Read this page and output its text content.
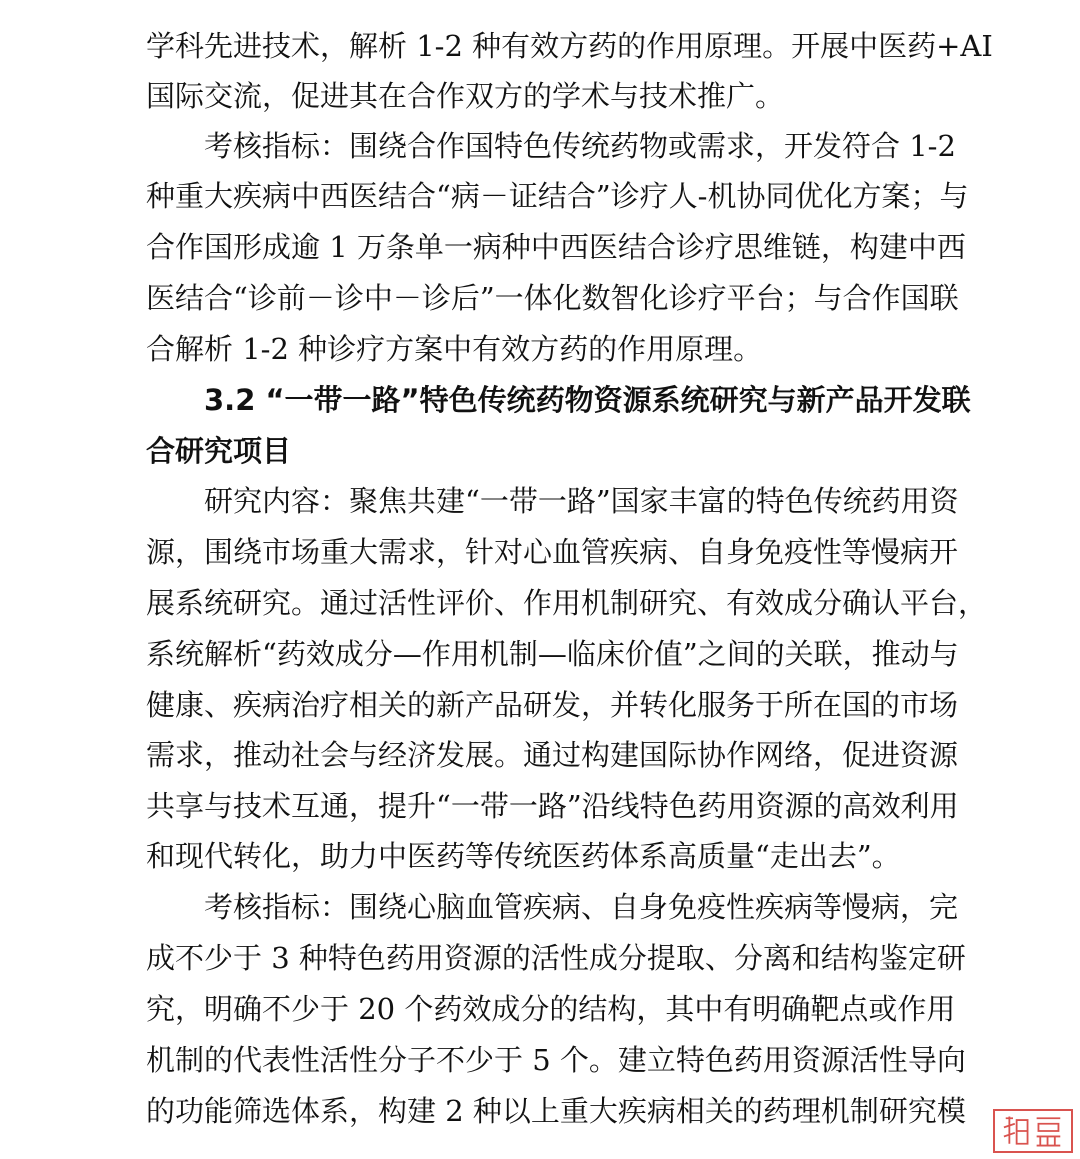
学科先进技术，解析 1-2 种有效方药的作用原理。开展中医药+AI
国际交流，促进其在合作双方的学术与技术推广。
考核指标：围绕合作国特色传统药物或需求，开发符合 1-2
种重大疾病中西医结合“病－证结合”诊疗人-机协同优化方案；与
合作国形成逾 1 万条单一病种中西医结合诊疗思维链，构建中西
医结合“诊前－诊中－诊后”一体化数智化诊疗平台；与合作国联
合解析 1-2 种诊疗方案中有效方药的作用原理。
3.2 “一带一路”特色传统药物资源系统研究与新产品开发联
合研究项目
研究内容：聚焦共建“一带一路”国家丰富的特色传统药用资
源，围绕市场重大需求，针对心血管疾病、自身免疫性等慢病开
展系统研究。通过活性评价、作用机制研究、有效成分确认平台，
系统解析“药效成分—作用机制—临床价值”之间的关联，推动与
健康、疾病治疗相关的新产品研发，并转化服务于所在国的市场
需求，推动社会与经济发展。通过构建国际协作网络，促进资源
共享与技术互通，提升“一带一路”沿线特色药用资源的高效利用
和现代转化，助力中医药等传统医药体系高质量“走出去”。
考核指标：围绕心脑血管疾病、自身免疫性疾病等慢病，完
成不少于 3 种特色药用资源的活性成分提取、分离和结构鉴定研
究，明确不少于 20 个药效成分的结构，其中有明确靶点或作用
机制的代表性活性分子不少于 5 个。建立特色药用资源活性导向
的功能筛选体系，构建 2 种以上重大疾病相关的药理机制研究模
